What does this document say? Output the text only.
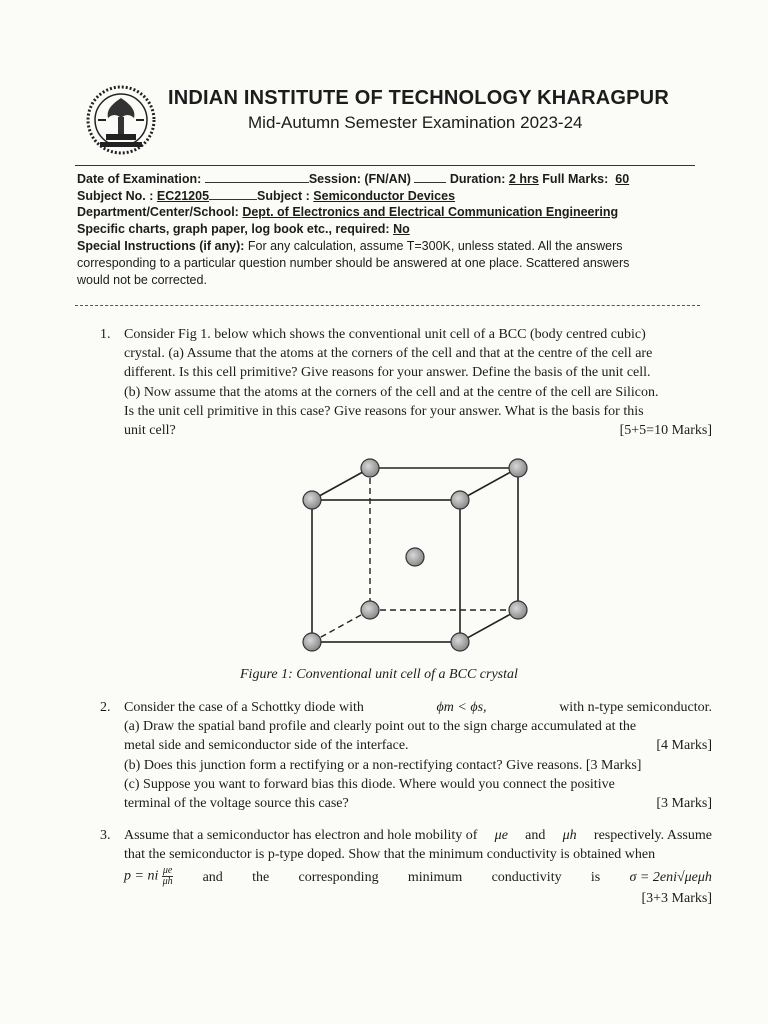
INDIAN INSTITUTE OF TECHNOLOGY KHARAGPUR
Mid-Autumn Semester Examination 2023-24
Date of Examination:	Session: (FN/AN)	Duration: 2 hrs Full Marks: 60
Subject No. : EC21205	Subject : Semiconductor Devices
Department/Center/School: Dept. of Electronics and Electrical Communication Engineering
Specific charts, graph paper, log book etc., required: No
Special Instructions (if any): For any calculation, assume T=300K, unless stated. All the answers
corresponding to a particular question number should be answered at one place. Scattered answers
would not be corrected.
1. Consider Fig 1. below which shows the conventional unit cell of a BCC (body centred cubic)
crystal. (a) Assume that the atoms at the corners of the cell and that at the centre of the cell are
different. Is this cell primitive? Give reasons for your answer. Define the basis of the unit cell.
(b) Now assume that the atoms at the corners of the cell and at the centre of the cell are Silicon.
Is the unit cell primitive in this case? Give reasons for your answer. What is the basis for this
unit cell?	[5+5=10 Marks]
Figure 1: Conventional unit cell of a BCC crystal
2. Consider the case of a Schottky diode with	ϕm < ϕs,	with n-type semiconductor.
(a) Draw the spatial band profile and clearly point out to the sign charge accumulated at the
metal side and semiconductor side of the interface.	[4 Marks]
(b) Does this junction form a rectifying or a non-rectifying contact? Give reasons. [3 Marks]
(c) Suppose you want to forward bias this diode. Where would you connect the positive
terminal of the voltage source this case?	[3 Marks]
3. Assume that a semiconductor has electron and hole mobility of μe and μh respectively. Assume
that the semiconductor is p-type doped. Show that the minimum conductivity is obtained when
p = ni $\frac{\mu e}{\mu h}$ and the corresponding minimum conductivity is σ = 2eni√μeμh
[3+3 Marks]
